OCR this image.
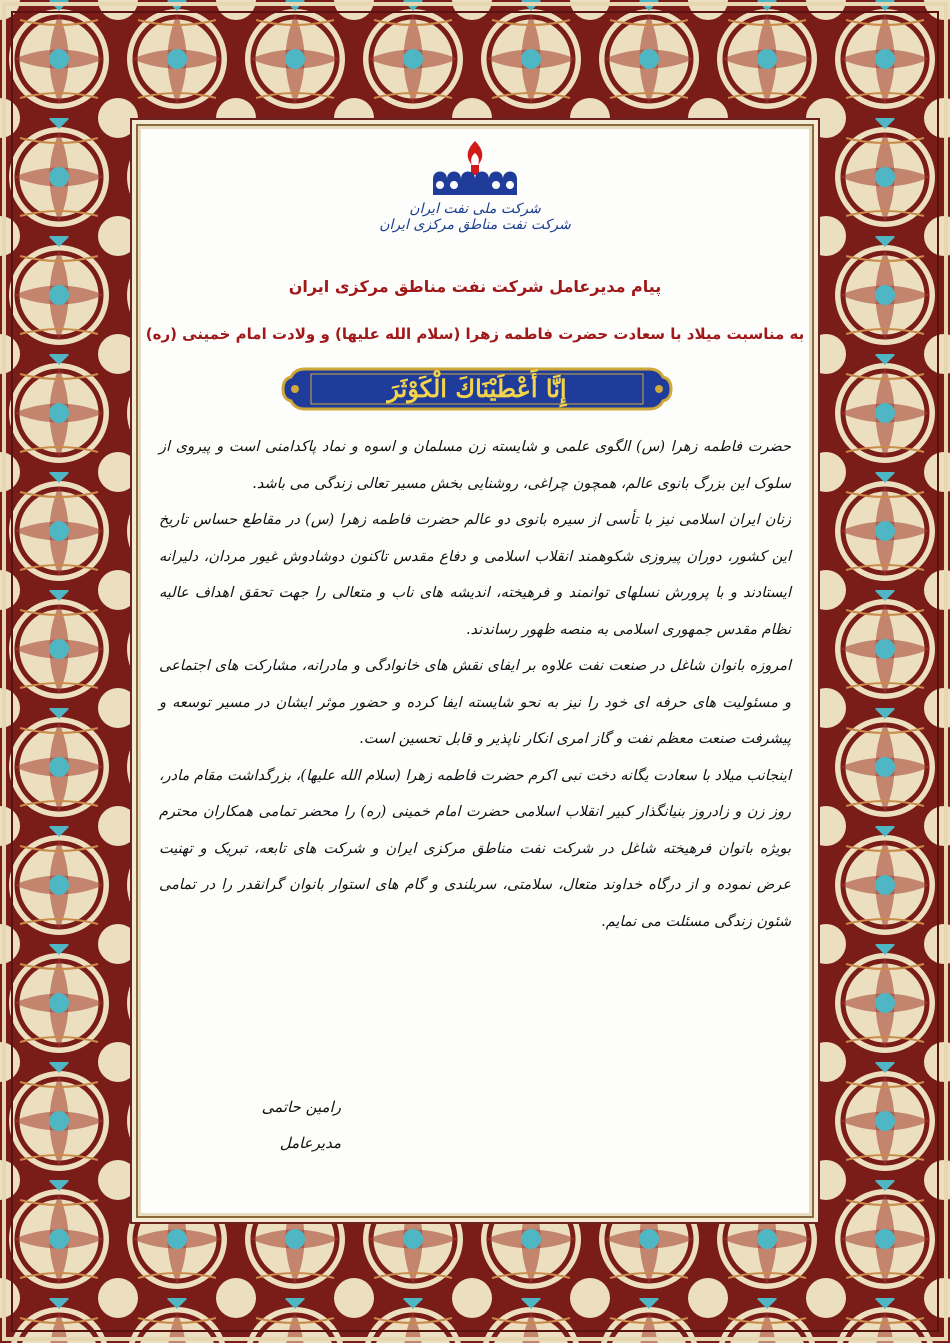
شرکت ملی نفت ایران
شرکت نفت مناطق مرکزی ایران
پیام مدیرعامل شرکت نفت مناطق مرکزی ایران
به مناسبت میلاد با سعادت حضرت فاطمه زهرا (سلام الله علیها) و ولادت امام خمینی (ره)
إِنَّا أَعْطَيْنَاكَ الْكَوْثَرَ

حضرت فاطمه زهرا (س) الگوی علمی و شایسته زن مسلمان و اسوه و نماد پاکدامنی است و پیروی از سلوک این بزرگ بانوی عالم، همچون چراغی، روشنایی بخش مسیر تعالی زندگی می باشد.

زنان ایران اسلامی نیز با تأسی از سیره بانوی دو عالم حضرت فاطمه زهرا (س) در مقاطع حساس تاریخ این کشور، دوران پیروزی شکوهمند انقلاب اسلامی و دفاع مقدس تاکنون دوشادوش غیور مردان، دلیرانه ایستادند و با پرورش نسلهای توانمند و فرهیخته، اندیشه های ناب و متعالی را جهت تحقق اهداف عالیه نظام مقدس جمهوری اسلامی به منصه ظهور رساندند.

امروزه بانوان شاغل در صنعت نفت علاوه بر ایفای نقش های خانوادگی و مادرانه، مشارکت های اجتماعی و مسئولیت های حرفه ای خود را نیز به نحو شایسته ایفا کرده و حضور موثر ایشان در مسیر توسعه و پیشرفت صنعت معظم نفت و گاز امری انکار ناپذیر و قابل تحسین است.

اینجانب میلاد با سعادت یگانه دخت نبی اکرم حضرت فاطمه زهرا (سلام الله علیها)، بزرگداشت مقام مادر، روز زن و زادروز بنیانگذار کبیر انقلاب اسلامی حضرت امام خمینی (ره) را محضر تمامی همکاران محترم بویژه بانوان فرهیخته شاغل در شرکت نفت مناطق مرکزی ایران و شرکت های تابعه، تبریک و تهنیت عرض نموده و از درگاه خداوند متعال، سلامتی، سربلندی و گام های استوار بانوان گرانقدر را در تمامی شئون زندگی مسئلت می نمایم.

رامین حاتمی
مدیرعامل
